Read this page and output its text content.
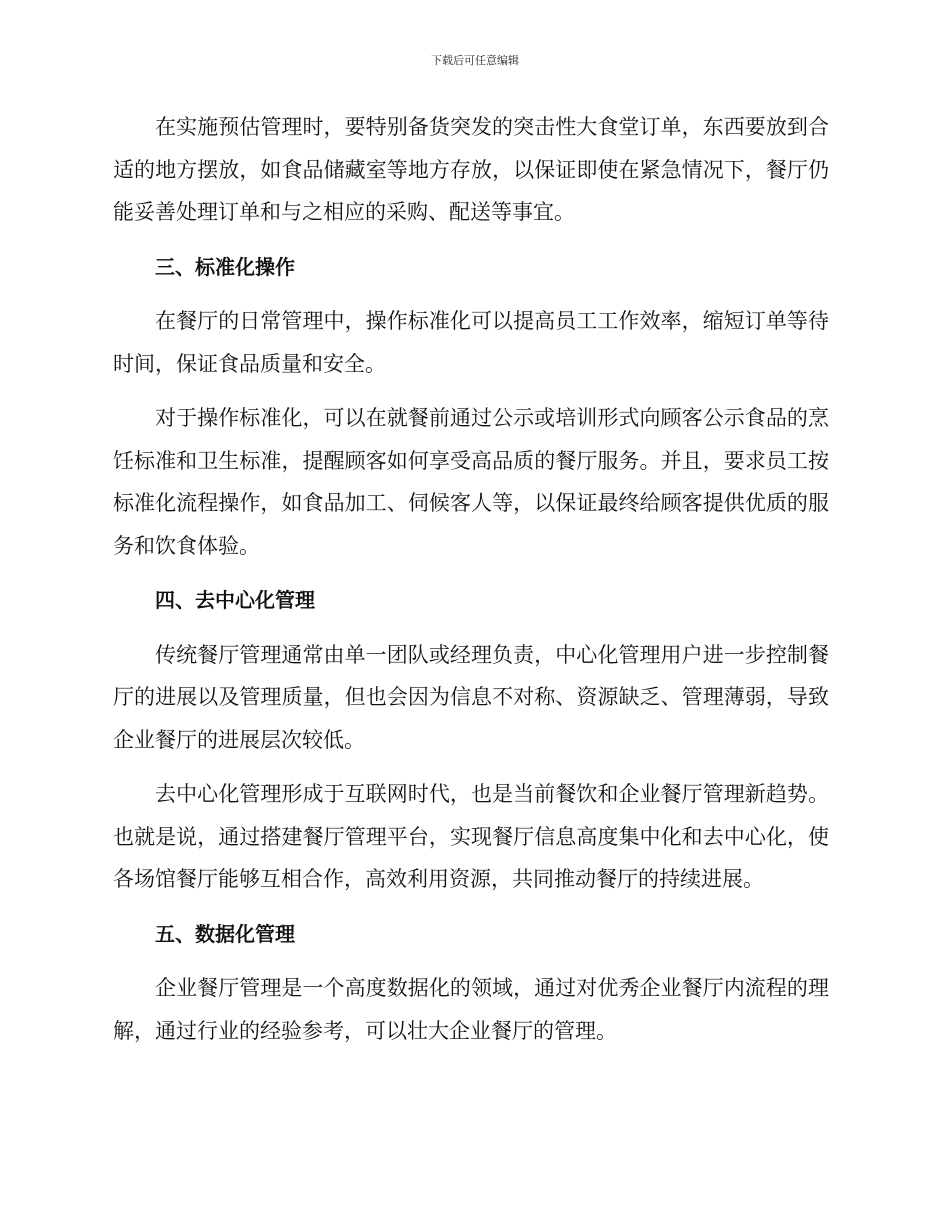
下载后可任意编辑

在实施预估管理时，要特别备货突发的突击性大食堂订单，东西要放到合适的地方摆放，如食品储藏室等地方存放，以保证即使在紧急情况下，餐厅仍能妥善处理订单和与之相应的采购、配送等事宜。

三、标准化操作

在餐厅的日常管理中，操作标准化可以提高员工工作效率，缩短订单等待时间，保证食品质量和安全。

对于操作标准化，可以在就餐前通过公示或培训形式向顾客公示食品的烹饪标准和卫生标准，提醒顾客如何享受高品质的餐厅服务。并且，要求员工按标准化流程操作，如食品加工、伺候客人等，以保证最终给顾客提供优质的服务和饮食体验。

四、去中心化管理

传统餐厅管理通常由单一团队或经理负责，中心化管理用户进一步控制餐厅的进展以及管理质量，但也会因为信息不对称、资源缺乏、管理薄弱，导致企业餐厅的进展层次较低。

去中心化管理形成于互联网时代，也是当前餐饮和企业餐厅管理新趋势。也就是说，通过搭建餐厅管理平台，实现餐厅信息高度集中化和去中心化，使各场馆餐厅能够互相合作，高效利用资源，共同推动餐厅的持续进展。

五、数据化管理

企业餐厅管理是一个高度数据化的领域，通过对优秀企业餐厅内流程的理解，通过行业的经验参考，可以壮大企业餐厅的管理。
